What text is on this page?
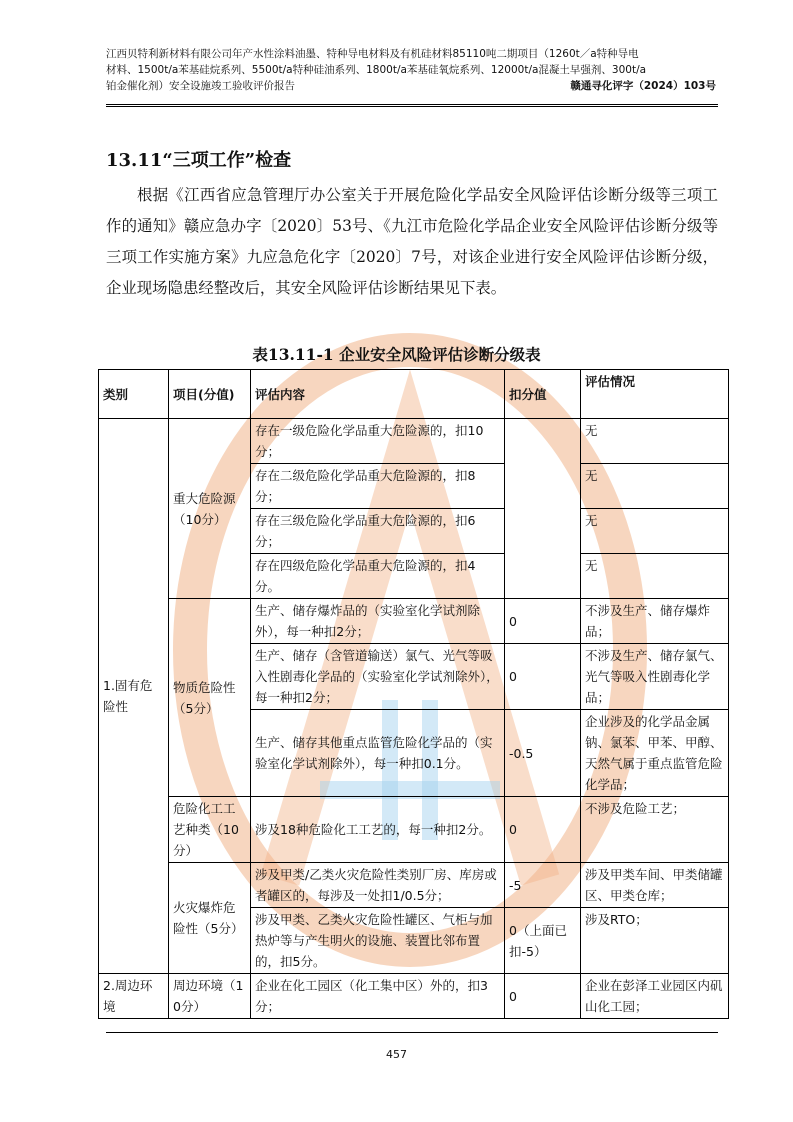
江西贝特利新材料有限公司年产水性涂料油墨、特种导电材料及有机硅材料85110吨二期项目（1260t／a特种导电
材料、1500t/a苯基硅烷系列、5500t/a特种硅油系列、1800t/a苯基硅氧烷系列、12000t/a混凝土早强剂、300t/a
铂金催化剂）安全设施竣工验收评价报告	赣通寻化评字（2024）103号
13.11“三项工作”检查
根据《江西省应急管理厅办公室关于开展危险化学品安全风险评估诊断分级等三项工作的通知》赣应急办字〔2020〕53号、《九江市危险化学品企业安全风险评估诊断分级等三项工作实施方案》九应急危化字〔2020〕7号，对该企业进行安全风险评估诊断分级，企业现场隐患经整改后，其安全风险评估诊断结果见下表。
表13.11-1 企业安全风险评估诊断分级表
类别	项目(分值)	评估内容	扣分值	评估情况
1.固有危险性	重大危险源（10分）	存在一级危险化学品重大危险源的，扣10分；		无
		存在二级危险化学品重大危险源的，扣8分；		无
		存在三级危险化学品重大危险源的，扣6分；		无
		存在四级危险化学品重大危险源的，扣4分。		无
	物质危险性（5分）	生产、储存爆炸品的（实验室化学试剂除外），每一种扣2分；	0	不涉及生产、储存爆炸品；
		生产、储存（含管道输送）氯气、光气等吸入性剧毒化学品的（实验室化学试剂除外），每一种扣2分；	0	不涉及生产、储存氯气、光气等吸入性剧毒化学品；
		生产、储存其他重点监管危险化学品的（实验室化学试剂除外），每一种扣0.1分。	-0.5	企业涉及的化学品金属钠、氯苯、甲苯、甲醇、天然气属于重点监管危险化学品；
	危险化工工艺种类（10分）	涉及18种危险化工工艺的，每一种扣2分。	0	不涉及危险工艺；
	火灾爆炸危险性（5分）	涉及甲类/乙类火灾危险性类别厂房、库房或者罐区的，每涉及一处扣1/0.5分；	-5	涉及甲类车间、甲类储罐区、甲类仓库；
		涉及甲类、乙类火灾危险性罐区、气柜与加热炉等与产生明火的设施、装置比邻布置的，扣5分。	0（上面已扣-5）	涉及RTO；
2.周边环境	周边环境（10分）	企业在化工园区（化工集中区）外的，扣3分；	0	企业在彭泽工业园区内矶山化工园；
457
